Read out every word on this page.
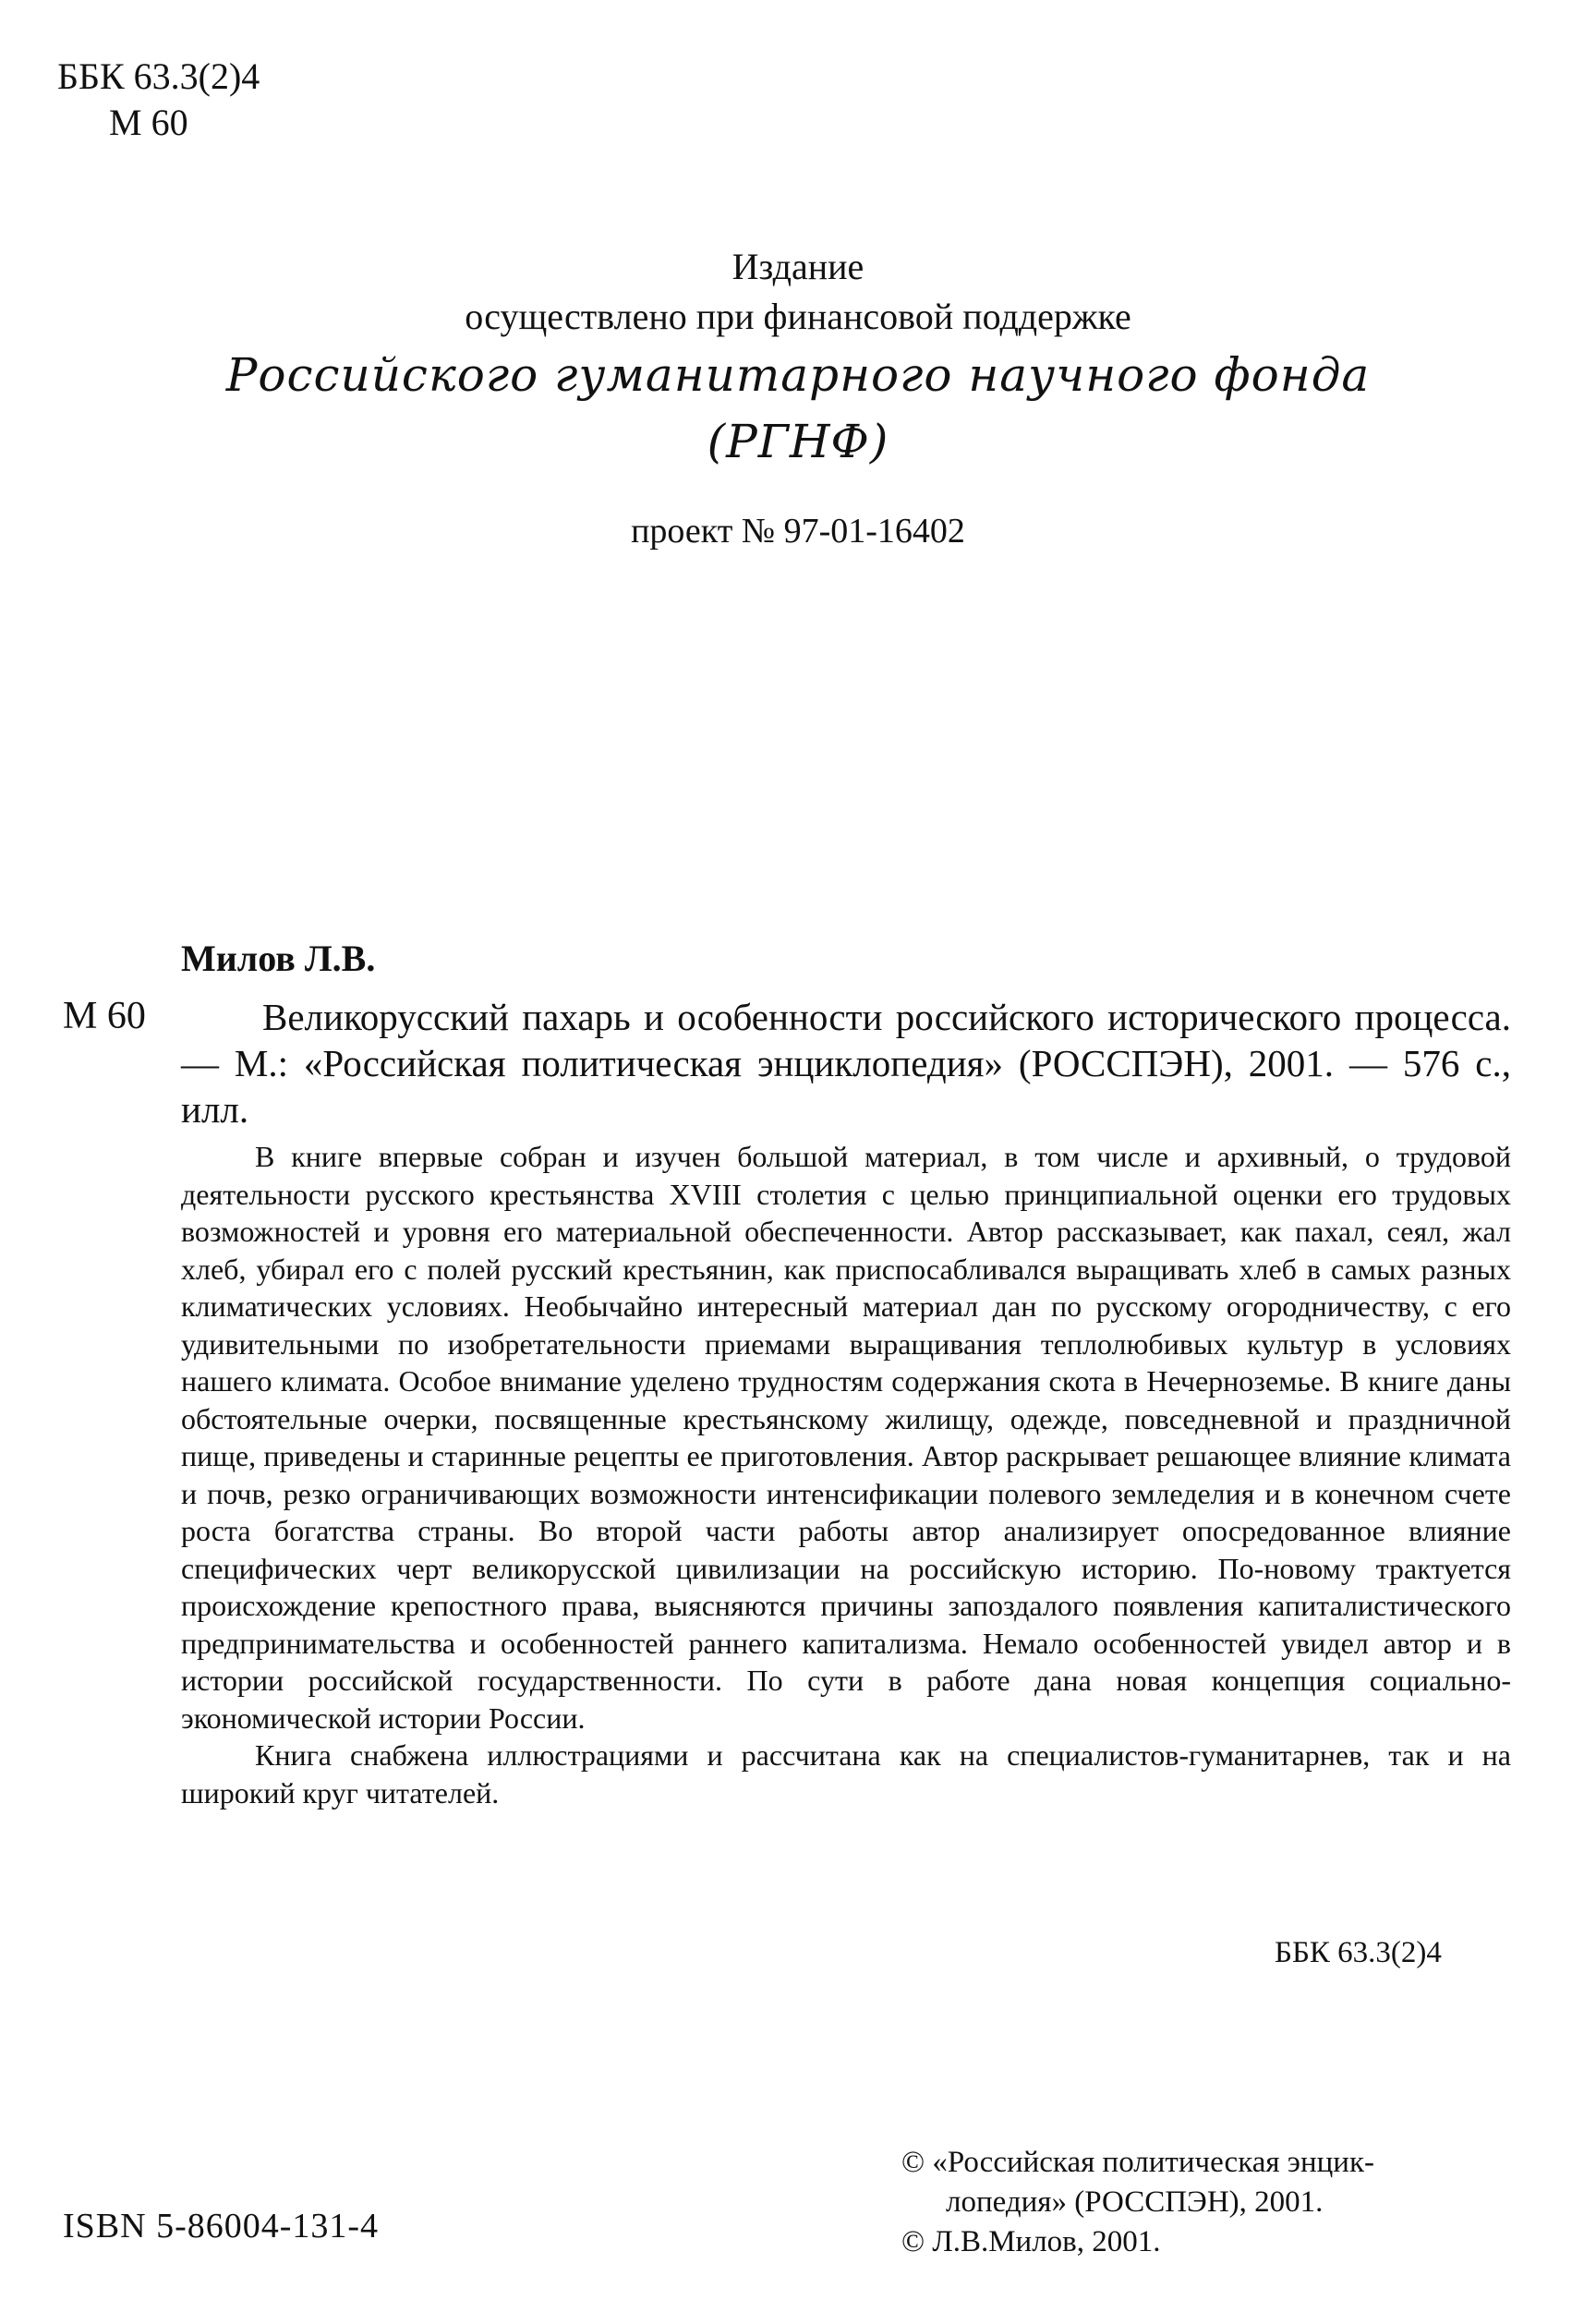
ББК 63.3(2)4
М 60
Издание
осуществлено при финансовой поддержке
Российского гуманитарного научного фонда
(РГНФ)
проект № 97-01-16402
Милов Л.В.
М 60	Великорусский пахарь и особенности российского исторического процесса. — М.: «Российская политическая энциклопедия» (РОССПЭН), 2001. — 576 с., илл.

В книге впервые собран и изучен большой материал, в том числе и архивный, о трудовой деятельности русского крестьянства XVIII столетия с целью принципиальной оценки его трудовых возможностей и уровня его материальной обеспеченности. Автор рассказывает, как пахал, сеял, жал хлеб, убирал его с полей русский крестьянин, как приспосабливался выращивать хлеб в самых разных климатических условиях. Необычайно интересный материал дан по русскому огородничеству, с его удивительными по изобретательности приемами выращивания теплолюбивых культур в условиях нашего климата. Особое внимание уделено трудностям содержания скота в Нечерноземье. В книге даны обстоятельные очерки, посвященные крестьянскому жилищу, одежде, повседневной и праздничной пище, приведены и старинные рецепты ее приготовления. Автор раскрывает решающее влияние климата и почв, резко ограничивающих возможности интенсификации полевого земледелия и в конечном счете роста богатства страны. Во второй части работы автор анализирует опосредованное влияние специфических черт великорусской цивилизации на российскую историю. По-новому трактуется происхождение крепостного права, выясняются причины запоздалого появления капиталистического предпринимательства и особенностей раннего капитализма. Немало особенностей увидел автор и в истории российской государственности. По сути в работе дана новая концепция социально-экономической истории России.

Книга снабжена иллюстрациями и рассчитана как на специалистов-гуманитарнев, так и на широкий круг читателей.

ББК 63.3(2)4
ISBN 5-86004-131-4
© «Российская политическая энцик-
лопедия» (РОССПЭН), 2001.
© Л.В.Милов, 2001.
